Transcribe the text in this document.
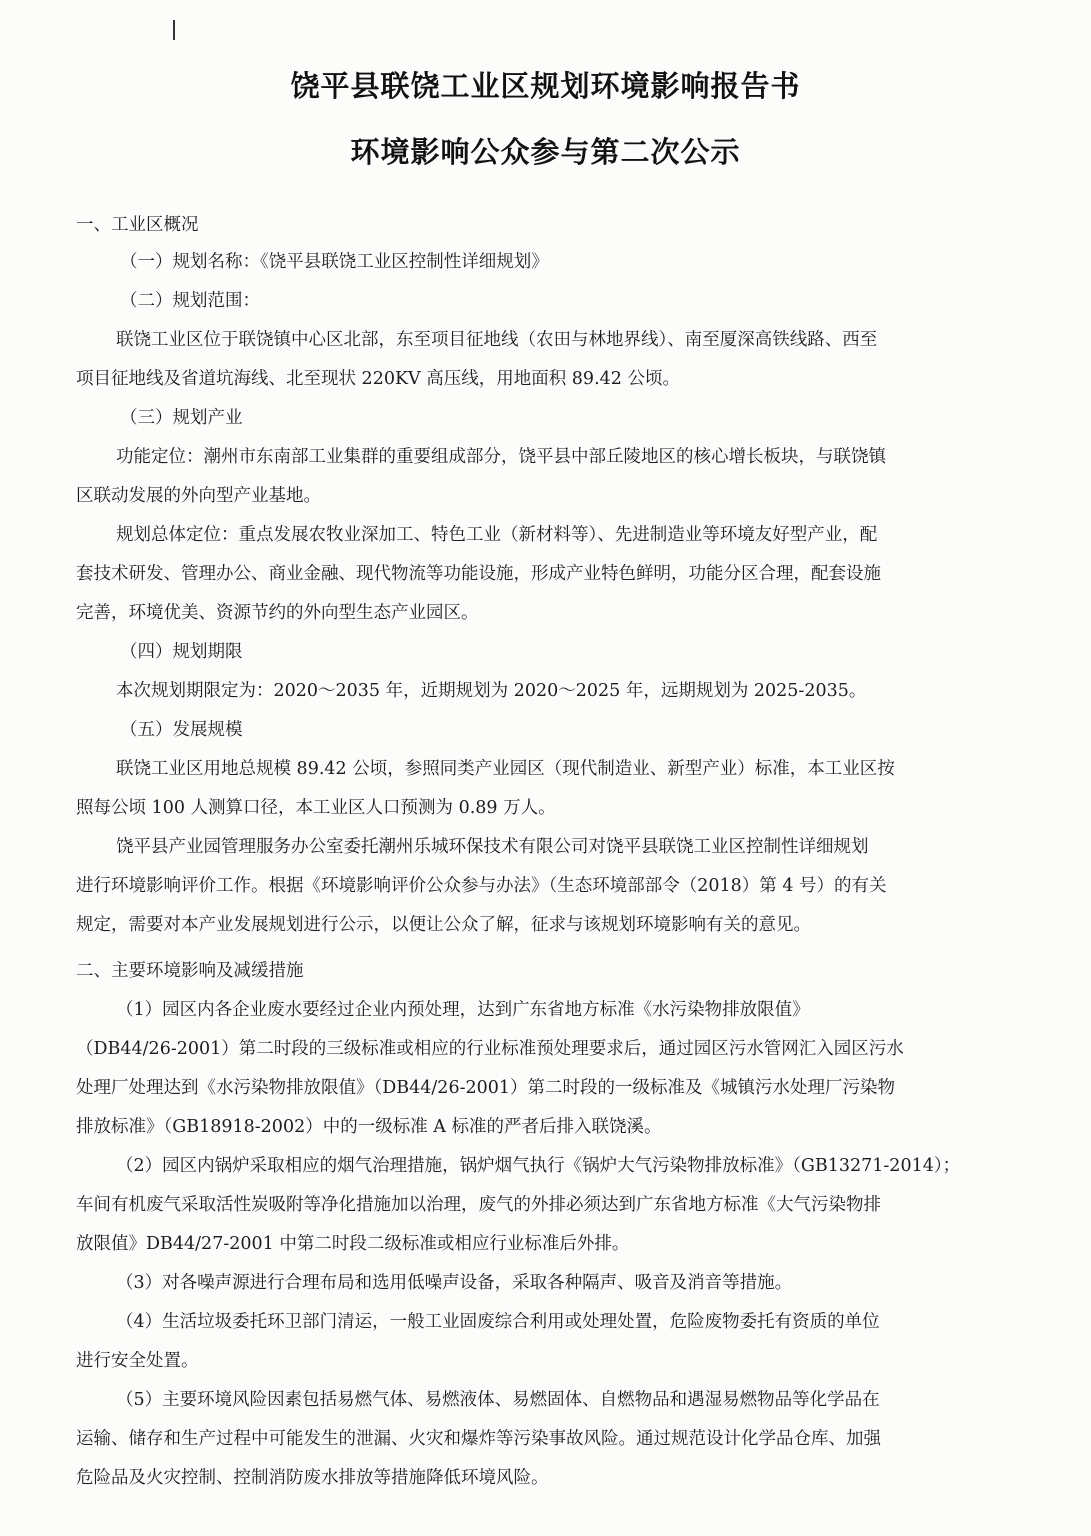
饶平县联饶工业区规划环境影响报告书
环境影响公众参与第二次公示
一、工业区概况
（一）规划名称：《饶平县联饶工业区控制性详细规划》
（二）规划范围：
联饶工业区位于联饶镇中心区北部，东至项目征地线（农田与林地界线）、南至厦深高铁线路、西至
项目征地线及省道坑海线、北至现状 220KV 高压线，用地面积 89.42 公顷。
（三）规划产业
功能定位：潮州市东南部工业集群的重要组成部分，饶平县中部丘陵地区的核心增长板块，与联饶镇
区联动发展的外向型产业基地。
规划总体定位：重点发展农牧业深加工、特色工业（新材料等）、先进制造业等环境友好型产业，配
套技术研发、管理办公、商业金融、现代物流等功能设施，形成产业特色鲜明，功能分区合理，配套设施
完善，环境优美、资源节约的外向型生态产业园区。
（四）规划期限
本次规划期限定为：2020～2035 年，近期规划为 2020～2025 年，远期规划为 2025-2035。
（五）发展规模
联饶工业区用地总规模 89.42 公顷，参照同类产业园区（现代制造业、新型产业）标准，本工业区按
照每公顷 100 人测算口径，本工业区人口预测为 0.89 万人。
饶平县产业园管理服务办公室委托潮州乐城环保技术有限公司对饶平县联饶工业区控制性详细规划
进行环境影响评价工作。根据《环境影响评价公众参与办法》（生态环境部部令（2018）第 4 号）的有关
规定，需要对本产业发展规划进行公示，以便让公众了解，征求与该规划环境影响有关的意见。
二、主要环境影响及减缓措施
（1）园区内各企业废水要经过企业内预处理，达到广东省地方标准《水污染物排放限值》
（DB44/26-2001）第二时段的三级标准或相应的行业标准预处理要求后，通过园区污水管网汇入园区污水
处理厂处理达到《水污染物排放限值》（DB44/26-2001）第二时段的一级标准及《城镇污水处理厂污染物
排放标准》（GB18918-2002）中的一级标准 A 标准的严者后排入联饶溪。
（2）园区内锅炉采取相应的烟气治理措施，锅炉烟气执行《锅炉大气污染物排放标准》（GB13271-2014）；
车间有机废气采取活性炭吸附等净化措施加以治理，废气的外排必须达到广东省地方标准《大气污染物排
放限值》DB44/27-2001 中第二时段二级标准或相应行业标准后外排。
（3）对各噪声源进行合理布局和选用低噪声设备，采取各种隔声、吸音及消音等措施。
（4）生活垃圾委托环卫部门清运，一般工业固废综合利用或处理处置，危险废物委托有资质的单位
进行安全处置。
（5）主要环境风险因素包括易燃气体、易燃液体、易燃固体、自燃物品和遇湿易燃物品等化学品在
运输、储存和生产过程中可能发生的泄漏、火灾和爆炸等污染事故风险。通过规范设计化学品仓库、加强
危险品及火灾控制、控制消防废水排放等措施降低环境风险。
